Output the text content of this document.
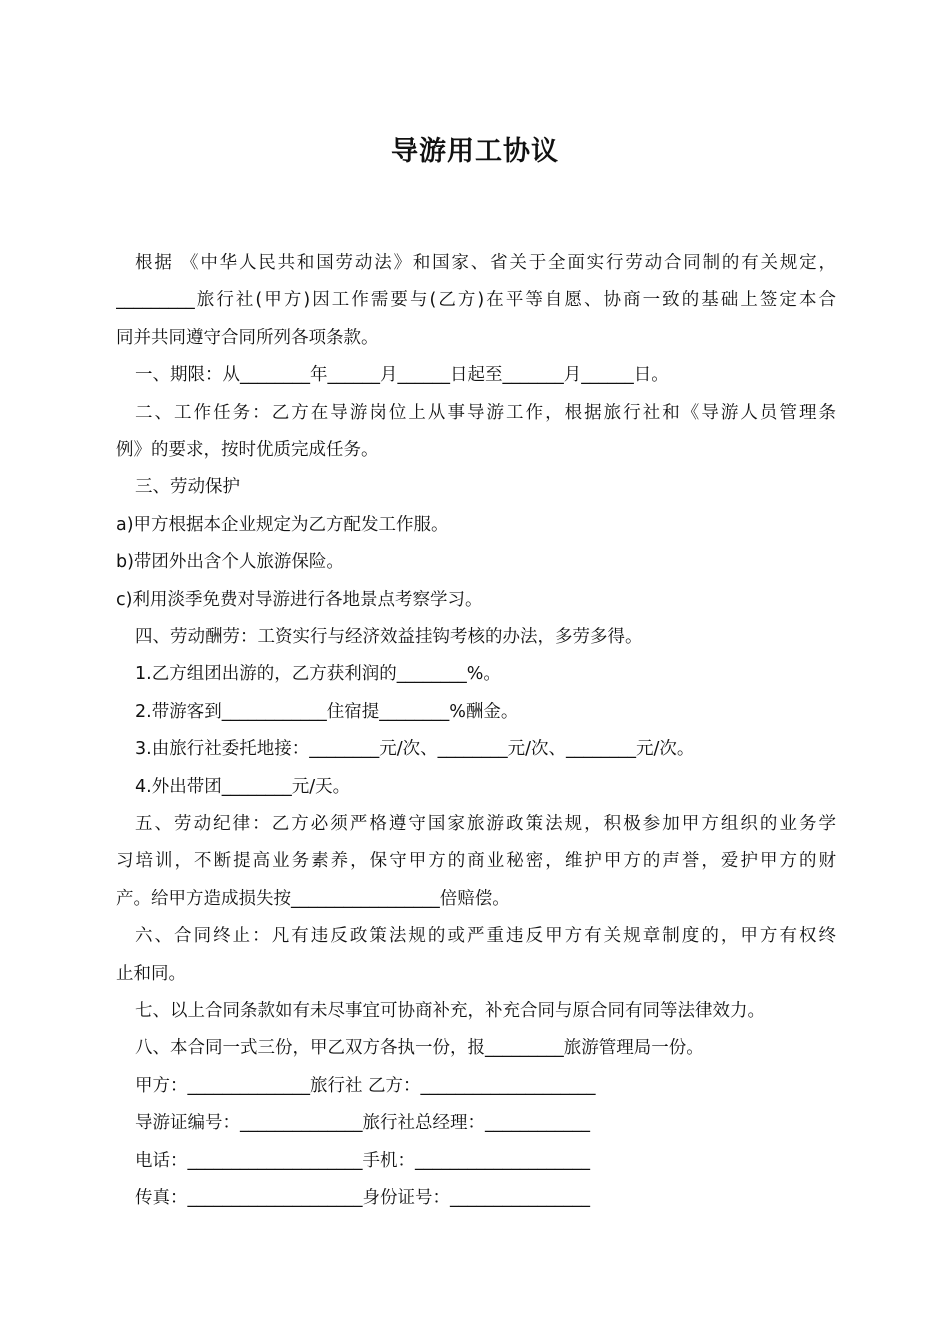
导游用工协议
根据 《中华人民共和国劳动法》和国家、省关于全面实行劳动合同制的有关规定，
_________旅行社(甲方)因工作需要与(乙方)在平等自愿、协商一致的基础上签定本合
同并共同遵守合同所列各项条款。
一、期限：从________年______月______日起至_______月______日。
二、工作任务：乙方在导游岗位上从事导游工作，根据旅行社和《导游人员管理条
例》的要求，按时优质完成任务。
三、劳动保护
a)甲方根据本企业规定为乙方配发工作服。
b)带团外出含个人旅游保险。
c)利用淡季免费对导游进行各地景点考察学习。
四、劳动酬劳：工资实行与经济效益挂钩考核的办法，多劳多得。
1.乙方组团出游的，乙方获利润的________%。
2.带游客到____________住宿提________%酬金。
3.由旅行社委托地接：________元/次、________元/次、________元/次。
4.外出带团________元/天。
五、劳动纪律：乙方必须严格遵守国家旅游政策法规，积极参加甲方组织的业务学
习培训，不断提高业务素养，保守甲方的商业秘密，维护甲方的声誉，爱护甲方的财
产。给甲方造成损失按_________________倍赔偿。
六、合同终止：凡有违反政策法规的或严重违反甲方有关规章制度的，甲方有权终
止和同。
七、以上合同条款如有未尽事宜可协商补充，补充合同与原合同有同等法律效力。
八、本合同一式三份，甲乙双方各执一份，报_________旅游管理局一份。
甲方：______________旅行社 乙方：____________________
导游证编号：______________旅行社总经理：____________
电话：____________________手机：____________________
传真：____________________身份证号：________________
